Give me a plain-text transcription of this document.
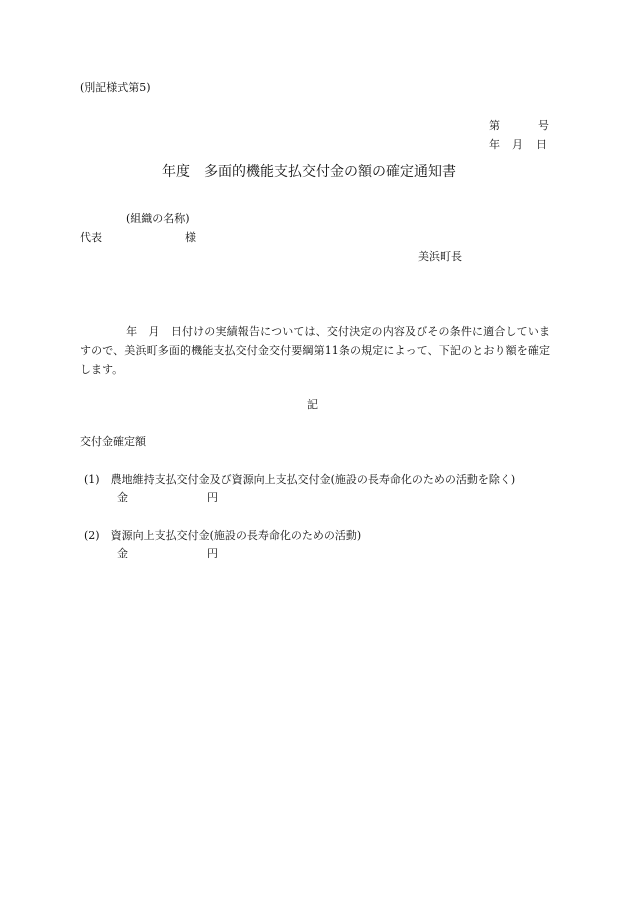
(別記様式第5)
第	号
年 月 日
年度　多面的機能支払交付金の額の確定通知書
(組織の名称)
代表	様
美浜町長
年　月　日付けの実績報告については、交付決定の内容及びその条件に適合していますので、美浜町多面的機能支払交付金交付要綱第11条の規定によって、下記のとおり額を確定します。
記
交付金確定額
(1)　農地維持支払交付金及び資源向上支払交付金(施設の長寿命化のための活動を除く)
金	円
(2)　資源向上支払交付金(施設の長寿命化のための活動)
金	円
